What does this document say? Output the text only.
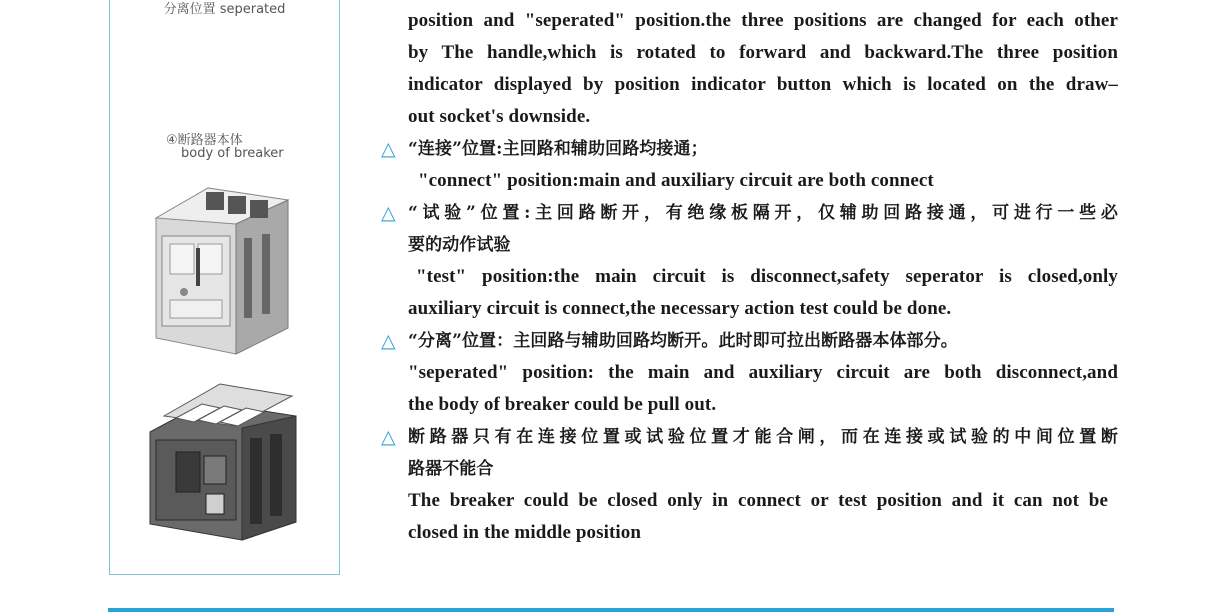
分离位置 seperated
④断路器本体
body of breaker
position and "seperated" position.the three positions are changed for each other
by The handle,which is rotated to forward and backward.The three position
indicator displayed by position indicator button which is located on the draw–
out socket's downside.
△ “连接”位置:主回路和辅助回路均接通；
"connect" position:main and auxiliary circuit are both connect
△ “试验”位置:主回路断开，有绝缘板隔开，仅辅助回路接通，可进行一些必
要的动作试验
"test" position:the main circuit is disconnect,safety seperator is closed,only
auxiliary circuit is connect,the necessary action test could be done.
△ “分离”位置：主回路与辅助回路均断开。此时即可拉出断路器本体部分。
"seperated" position: the main and auxiliary circuit are both disconnect,and
the body of breaker could be pull out.
△ 断路器只有在连接位置或试验位置才能合闸，而在连接或试验的中间位置断
路器不能合
The breaker could be closed only in connect or test position and it can not be
closed in the middle position
